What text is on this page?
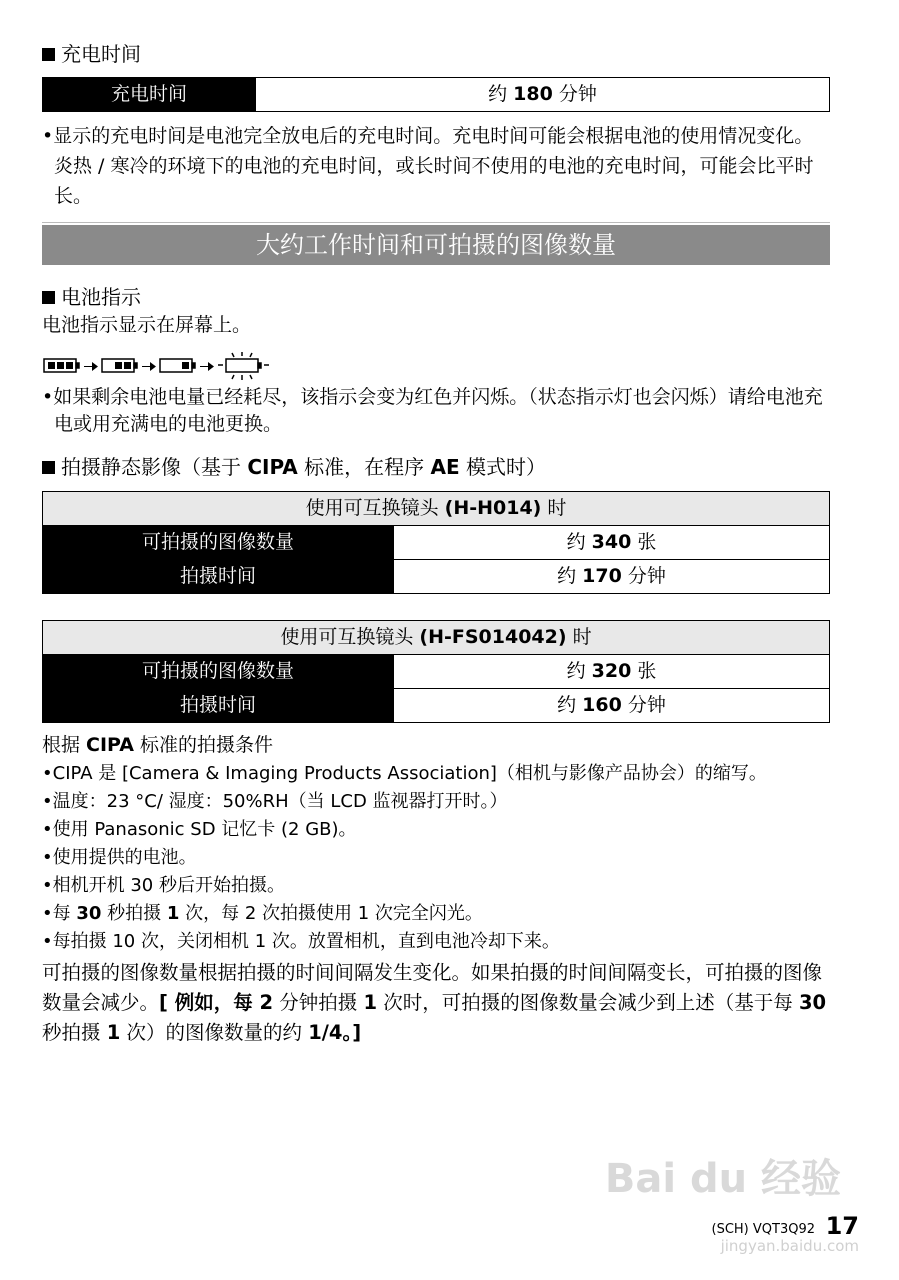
充电时间
充电时间	约 180 分钟
•显示的充电时间是电池完全放电后的充电时间。充电时间可能会根据电池的使用情况变化。炎热 / 寒冷的环境下的电池的充电时间，或长时间不使用的电池的充电时间，可能会比平时长。
大约工作时间和可拍摄的图像数量
电池指示
电池指示显示在屏幕上。
•如果剩余电池电量已经耗尽，该指示会变为红色并闪烁。（状态指示灯也会闪烁）请给电池充电或用充满电的电池更换。
拍摄静态影像（基于 CIPA 标准，在程序 AE 模式时）
使用可互换镜头 (H-H014) 时	
可拍摄的图像数量	约 340 张
拍摄时间	约 170 分钟
使用可互换镜头 (H-FS014042) 时	
可拍摄的图像数量	约 320 张
拍摄时间	约 160 分钟
根据 CIPA 标准的拍摄条件
•CIPA 是 [Camera & Imaging Products Association]（相机与影像产品协会）的缩写。
•温度：23 °C/ 湿度：50%RH（当 LCD 监视器打开时。）
•使用 Panasonic SD 记忆卡 (2 GB)。
•使用提供的电池。
•相机开机 30 秒后开始拍摄。
•每 30 秒拍摄 1 次，每 2 次拍摄使用 1 次完全闪光。
•每拍摄 10 次，关闭相机 1 次。放置相机，直到电池冷却下来。
可拍摄的图像数量根据拍摄的时间间隔发生变化。如果拍摄的时间间隔变长，可拍摄的图像数量会减少。[ 例如，每 2 分钟拍摄 1 次时，可拍摄的图像数量会减少到上述（基于每 30 秒拍摄 1 次）的图像数量的约 1/4。]
Bai du 经验
jingyan.baidu.com
(SCH) VQT3Q92 17
